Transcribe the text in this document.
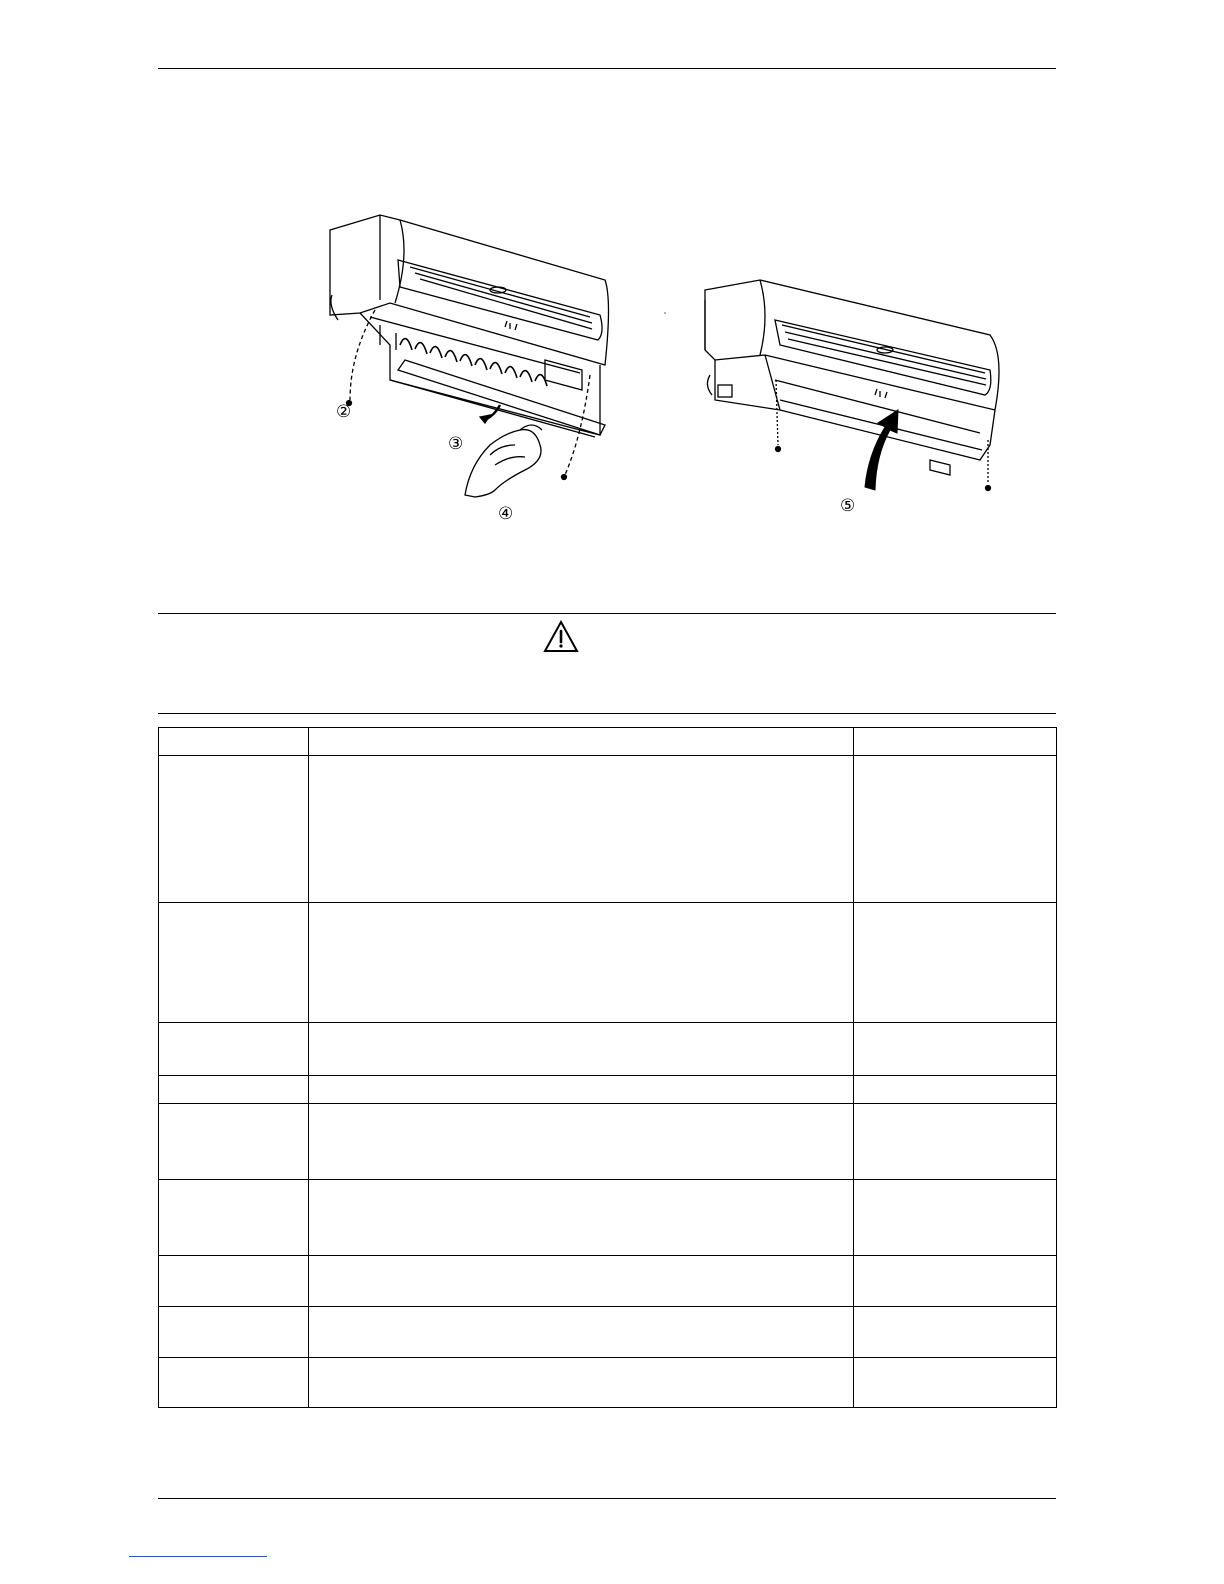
②
③
④	⑤
